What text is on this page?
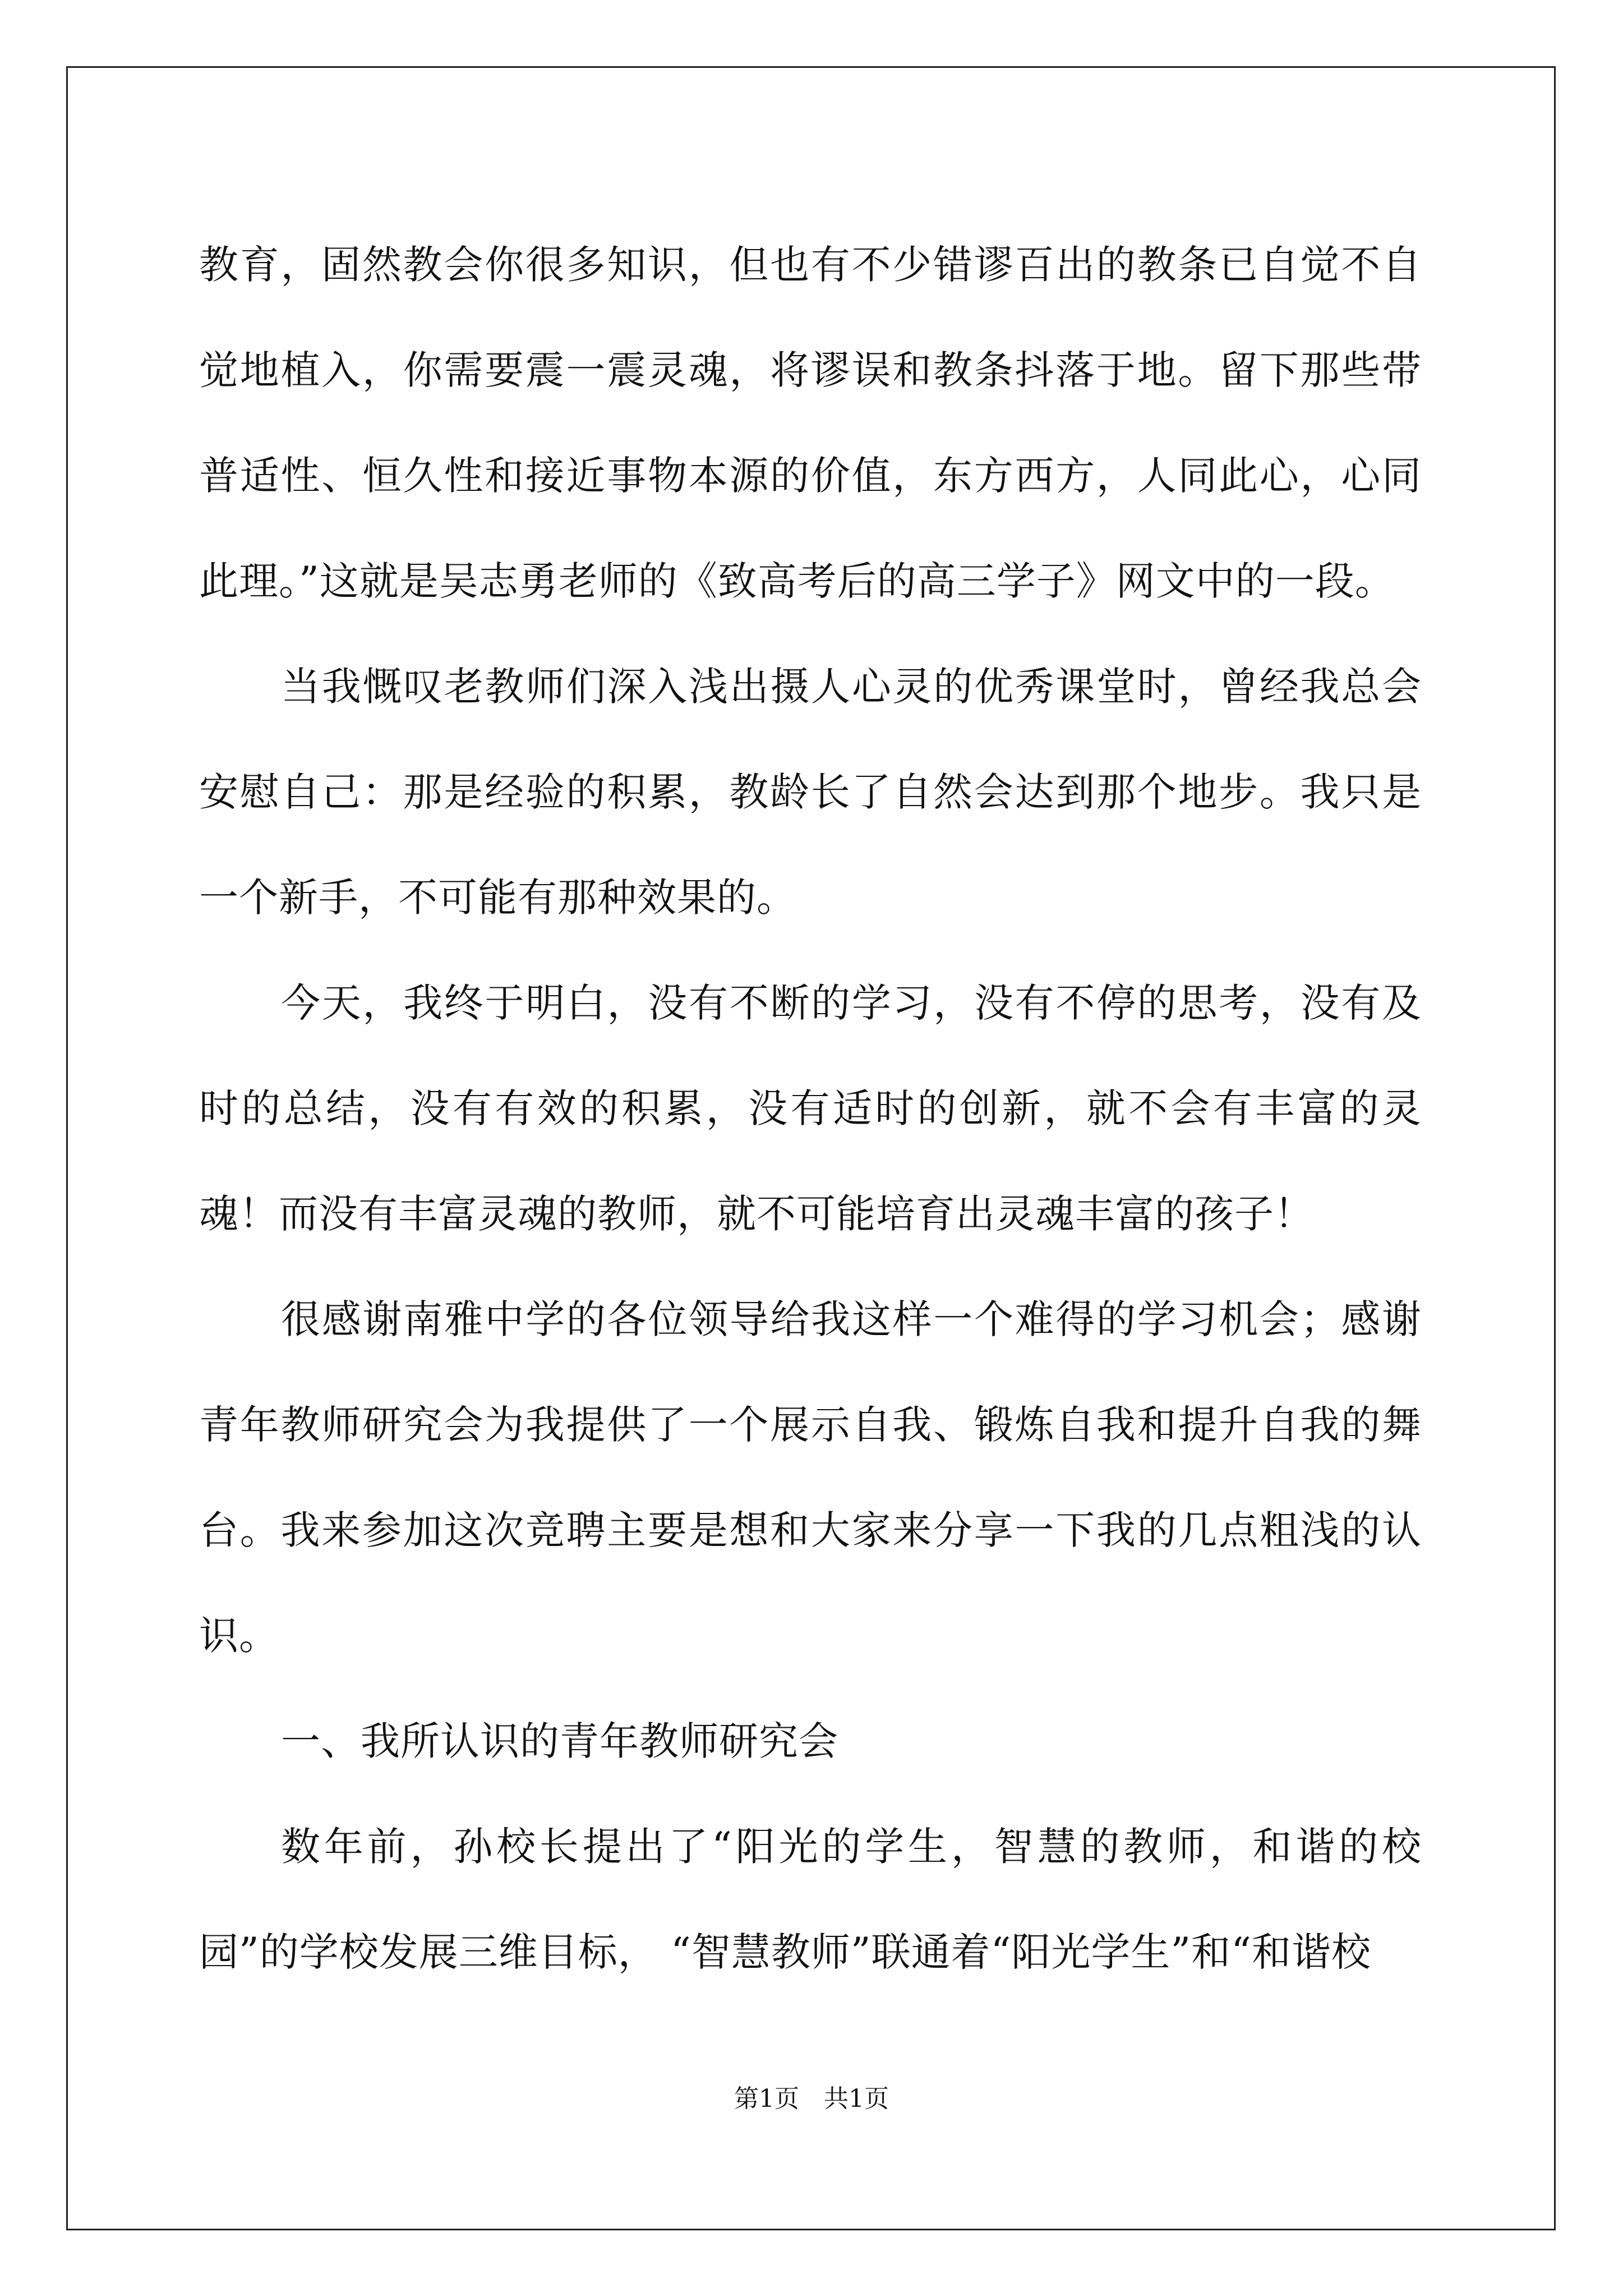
教育，固然教会你很多知识，但也有不少错谬百出的教条已自觉不自觉地植入，你需要震一震灵魂，将谬误和教条抖落于地。留下那些带普适性、恒久性和接近事物本源的价值，东方西方，人同此心，心同此理。”这就是吴志勇老师的《致高考后的高三学子》网文中的一段。

当我慨叹老教师们深入浅出摄人心灵的优秀课堂时，曾经我总会安慰自己：那是经验的积累，教龄长了自然会达到那个地步。我只是一个新手，不可能有那种效果的。

今天，我终于明白，没有不断的学习，没有不停的思考，没有及时的总结，没有有效的积累，没有适时的创新，就不会有丰富的灵魂！而没有丰富灵魂的教师，就不可能培育出灵魂丰富的孩子！

很感谢南雅中学的各位领导给我这样一个难得的学习机会；感谢青年教师研究会为我提供了一个展示自我、锻炼自我和提升自我的舞台。我来参加这次竞聘主要是想和大家来分享一下我的几点粗浅的认识。

一、我所认识的青年教师研究会

数年前，孙校长提出了“阳光的学生，智慧的教师，和谐的校园”的学校发展三维目标， “智慧教师”联通着“阳光学生”和“和谐校

第1页　共1页
